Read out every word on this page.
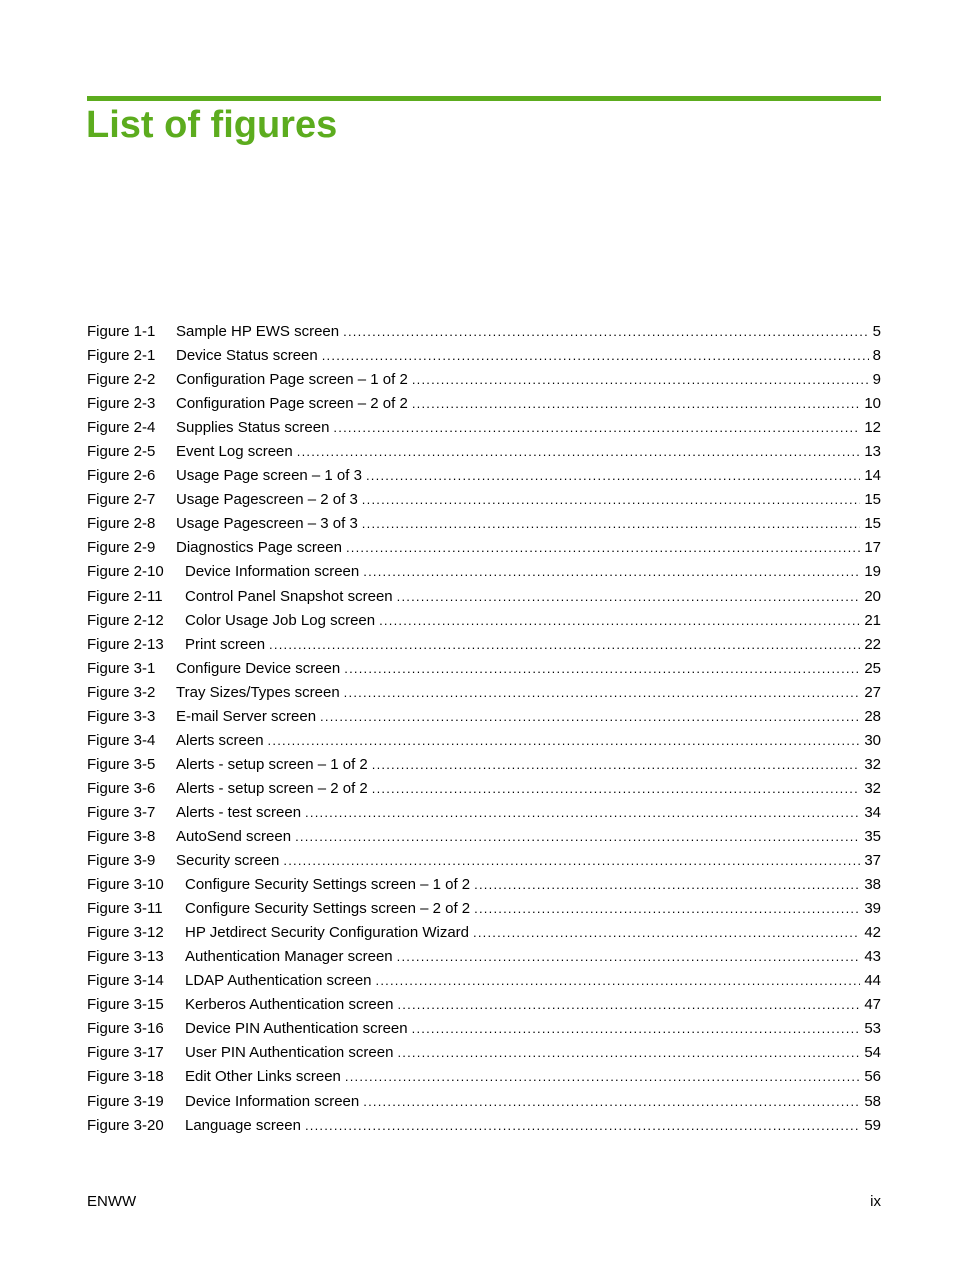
List of figures
Figure 1-1 Sample HP EWS screen . . .	5
Figure 2-1 Device Status screen . . .	8
Figure 2-2 Configuration Page screen – 1 of 2 . . .	9
Figure 2-3 Configuration Page screen – 2 of 2 . . .	10
Figure 2-4 Supplies Status screen . . .	12
Figure 2-5 Event Log screen . . .	13
Figure 2-6 Usage Page screen – 1 of 3 . . .	14
Figure 2-7 Usage Pagescreen – 2 of 3 . . .	15
Figure 2-8 Usage Pagescreen – 3 of 3 . . .	15
Figure 2-9 Diagnostics Page screen . . .	17
Figure 2-10 Device Information screen . . .	19
Figure 2-11 Control Panel Snapshot screen . . .	20
Figure 2-12 Color Usage Job Log screen . . .	21
Figure 2-13 Print screen . . .	22
Figure 3-1 Configure Device screen . . .	25
Figure 3-2 Tray Sizes/Types screen . . .	27
Figure 3-3 E-mail Server screen . . .	28
Figure 3-4 Alerts screen . . .	30
Figure 3-5 Alerts - setup screen – 1 of 2 . . .	32
Figure 3-6 Alerts - setup screen – 2 of 2 . . .	32
Figure 3-7 Alerts - test screen . . .	34
Figure 3-8 AutoSend screen . . .	35
Figure 3-9 Security screen . . .	37
Figure 3-10 Configure Security Settings screen – 1 of 2 . . .	38
Figure 3-11 Configure Security Settings screen – 2 of 2 . . .	39
Figure 3-12 HP Jetdirect Security Configuration Wizard . . .	42
Figure 3-13 Authentication Manager screen . . .	43
Figure 3-14 LDAP Authentication screen . . .	44
Figure 3-15 Kerberos Authentication screen . . .	47
Figure 3-16 Device PIN Authentication screen . . .	53
Figure 3-17 User PIN Authentication screen . . .	54
Figure 3-18 Edit Other Links screen . . .	56
Figure 3-19 Device Information screen . . .	58
Figure 3-20 Language screen . . .	59
ENWW	ix
